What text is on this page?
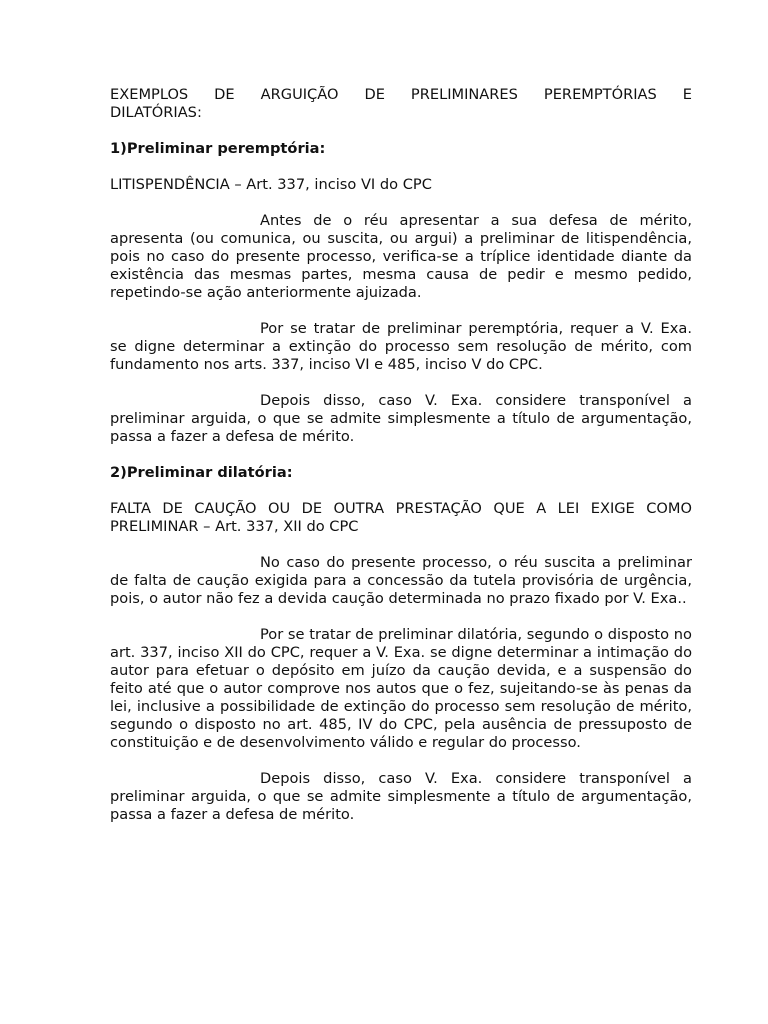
EXEMPLOS DE ARGUIÇÃO DE PRELIMINARES PEREMPTÓRIAS E
DILATÓRIAS:

1)Preliminar peremptória:

LITISPENDÊNCIA – Art. 337, inciso VI do CPC

Antes de o réu apresentar a sua defesa de mérito, apresenta (ou comunica, ou suscita, ou argui) a preliminar de litispendência, pois no caso do presente processo, verifica-se a tríplice identidade diante da existência das mesmas partes, mesma causa de pedir e mesmo pedido, repetindo-se ação anteriormente ajuizada.

Por se tratar de preliminar peremptória, requer a V. Exa. se digne determinar a extinção do processo sem resolução de mérito, com fundamento nos arts. 337, inciso VI e 485, inciso V do CPC.

Depois disso, caso V. Exa. considere transponível a preliminar arguida, o que se admite simplesmente a título de argumentação, passa a fazer a defesa de mérito.

2)Preliminar dilatória:

FALTA DE CAUÇÃO OU DE OUTRA PRESTAÇÃO QUE A LEI EXIGE COMO PRELIMINAR – Art. 337, XII do CPC

No caso do presente processo, o réu suscita a preliminar de falta de caução exigida para a concessão da tutela provisória de urgência, pois, o autor não fez a devida caução determinada no prazo fixado por V. Exa..

Por se tratar de preliminar dilatória, segundo o disposto no art. 337, inciso XII do CPC, requer a V. Exa. se digne determinar a intimação do autor para efetuar o depósito em juízo da caução devida, e a suspensão do feito até que o autor comprove nos autos que o fez, sujeitando-se às penas da lei, inclusive a possibilidade de extinção do processo sem resolução de mérito, segundo o disposto no art. 485, IV do CPC, pela ausência de pressuposto de constituição e de desenvolvimento válido e regular do processo.

Depois disso, caso V. Exa. considere transponível a preliminar arguida, o que se admite simplesmente a título de argumentação, passa a fazer a defesa de mérito.
